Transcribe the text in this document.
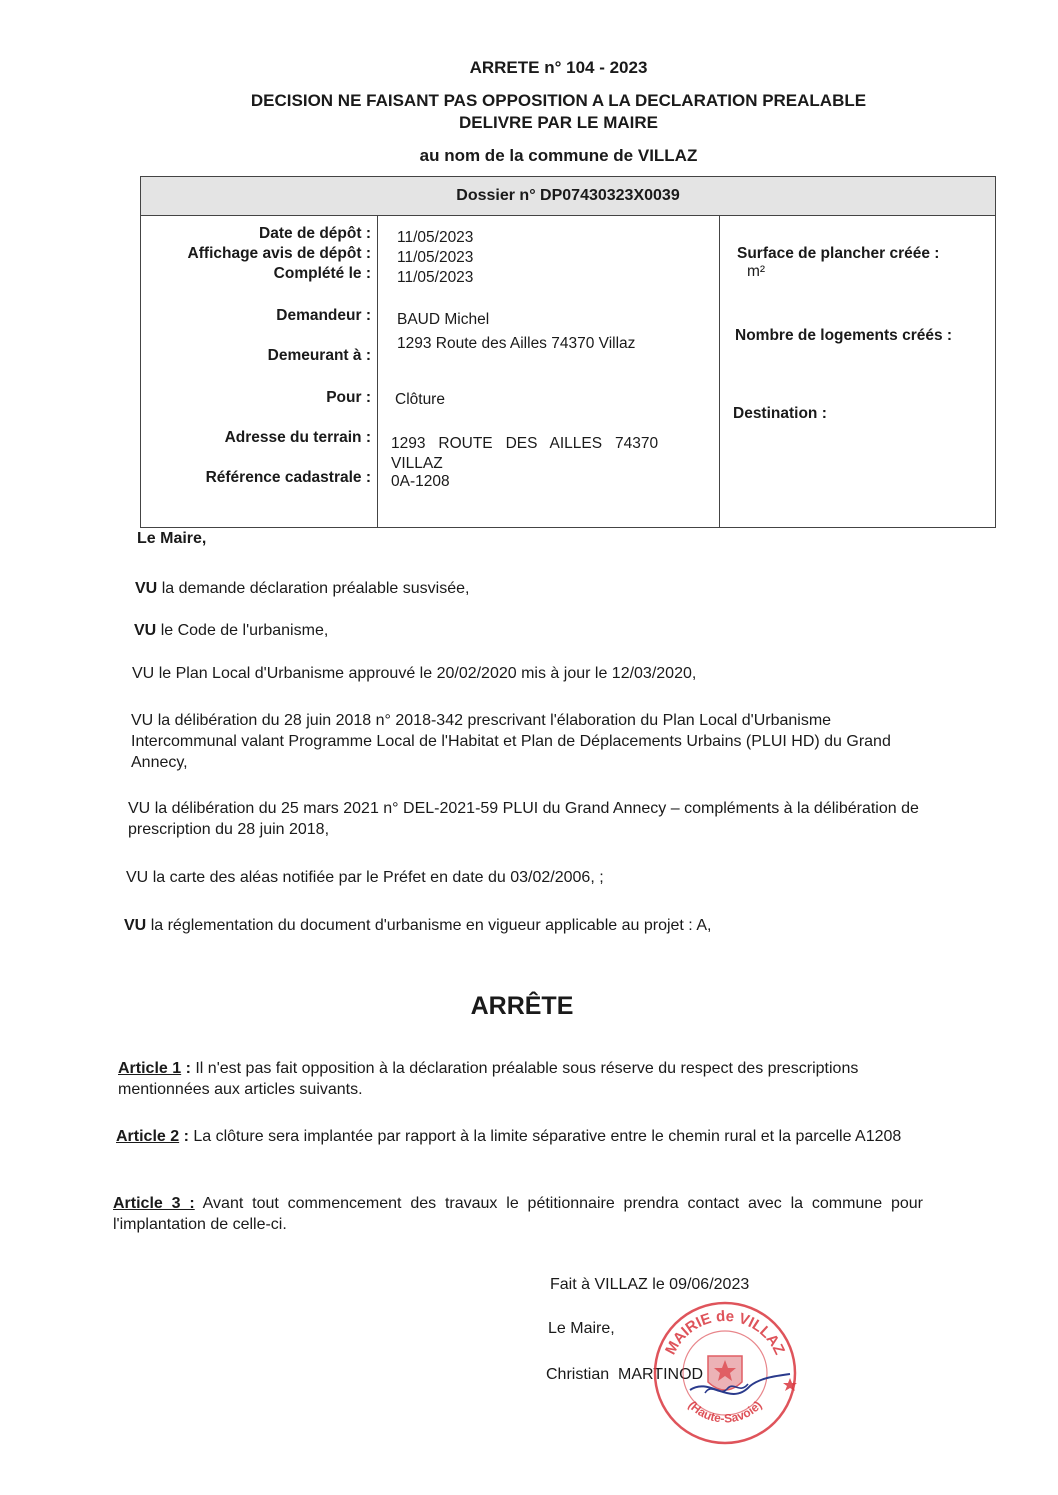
ARRETE n° 104 - 2023
DECISION NE FAISANT PAS OPPOSITION A LA DECLARATION PREALABLE
DELIVRE PAR LE MAIRE
au nom de la commune de VILLAZ
Dossier n° DP07430323X0039
Date de dépôt :
Affichage avis de dépôt :
Complété le :
Demandeur :
Demeurant à :
Pour :
Adresse du terrain :
Référence cadastrale :
11/05/2023
11/05/2023
11/05/2023
BAUD Michel
1293 Route des Ailles 74370 Villaz
Clôture
1293   ROUTE   DES   AILLES   74370
VILLAZ
0A-1208
Surface de plancher créée :
m²
Nombre de logements créés :
Destination :
Le Maire,
VU la demande déclaration préalable susvisée,
VU le Code de l'urbanisme,
VU le Plan Local d'Urbanisme approuvé le 20/02/2020 mis à jour le 12/03/2020,
VU la délibération du 28 juin 2018 n° 2018-342 prescrivant l'élaboration du Plan Local d'Urbanisme Intercommunal valant Programme Local de l'Habitat et Plan de Déplacements Urbains (PLUI HD) du Grand Annecy,
VU la délibération du 25 mars 2021 n° DEL-2021-59 PLUI du Grand Annecy – compléments à la délibération de prescription du 28 juin 2018,
VU la carte des aléas notifiée par le Préfet en date du 03/02/2006, ;
VU la réglementation du document d'urbanisme en vigueur applicable au projet : A,
ARRÊTE
Article 1 : Il n'est pas fait opposition à la déclaration préalable sous réserve du respect des prescriptions mentionnées aux articles suivants.
Article 2 : La clôture sera implantée par rapport à la limite séparative entre le chemin rural et la parcelle A1208
Article 3 : Avant tout commencement des travaux le pétitionnaire prendra contact avec la commune pour l'implantation de celle-ci.
Fait à VILLAZ le 09/06/2023
Le Maire,
Christian  MARTINOD
MAIRIE de VILLAZ
(Haute-Savoie)
